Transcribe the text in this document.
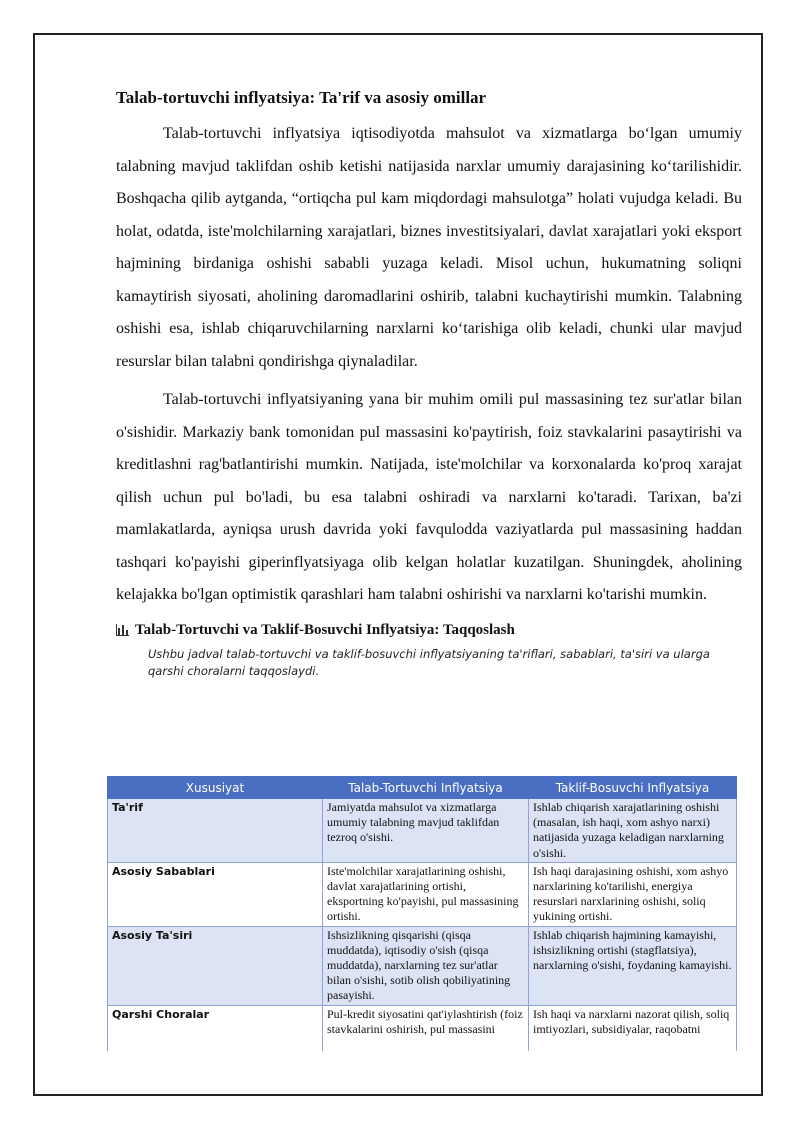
Talab-tortuvchi inflyatsiya: Ta'rif va asosiy omillar

Talab-tortuvchi inflyatsiya iqtisodiyotda mahsulot va xizmatlarga bo‘lgan umumiy talabning mavjud taklifdan oshib ketishi natijasida narxlar umumiy darajasining ko‘tarilishidir. Boshqacha qilib aytganda, “ortiqcha pul kam miqdordagi mahsulotga” holati vujudga keladi. Bu holat, odatda, iste'molchilarning xarajatlari, biznes investitsiyalari, davlat xarajatlari yoki eksport hajmining birdaniga oshishi sababli yuzaga keladi. Misol uchun, hukumatning soliqni kamaytirish siyosati, aholining daromadlarini oshirib, talabni kuchaytirishi mumkin. Talabning oshishi esa, ishlab chiqaruvchilarning narxlarni ko‘tarishiga olib keladi, chunki ular mavjud resurslar bilan talabni qondirishga qiynaladilar.

Talab-tortuvchi inflyatsiyaning yana bir muhim omili pul massasining tez sur'atlar bilan o'sishidir. Markaziy bank tomonidan pul massasini ko'paytirish, foiz stavkalarini pasaytirishi va kreditlashni rag'batlantirishi mumkin. Natijada, iste'molchilar va korxonalarda ko'proq xarajat qilish uchun pul bo'ladi, bu esa talabni oshiradi va narxlarni ko'taradi. Tarixan, ba'zi mamlakatlarda, ayniqsa urush davrida yoki favqulodda vaziyatlarda pul massasining haddan tashqari ko'payishi giperinflyatsiyaga olib kelgan holatlar kuzatilgan. Shuningdek, aholining kelajakka bo'lgan optimistik qarashlari ham talabni oshirishi va narxlarni ko'tarishi mumkin.

Talab-Tortuvchi va Taklif-Bosuvchi Inflyatsiya: Taqqoslash

Ushbu jadval talab-tortuvchi va taklif-bosuvchi inflyatsiyaning ta'riflari, sabablari, ta'siri va ularga qarshi choralarni taqqoslaydi.

Xususiyat	Talab-Tortuvchi Inflyatsiya	Taklif-Bosuvchi Inflyatsiya
Ta'rif	Jamiyatda mahsulot va xizmatlarga umumiy talabning mavjud taklifdan tezroq o'sishi.	Ishlab chiqarish xarajatlarining oshishi (masalan, ish haqi, xom ashyo narxi) natijasida yuzaga keladigan narxlarning o'sishi.
Asosiy Sabablari	Iste'molchilar xarajatlarining oshishi, davlat xarajatlarining ortishi, eksportning ko'payishi, pul massasining ortishi.	Ish haqi darajasining oshishi, xom ashyo narxlarining ko'tarilishi, energiya resurslari narxlarining oshishi, soliq yukining ortishi.
Asosiy Ta'siri	Ishsizlikning qisqarishi (qisqa muddatda), iqtisodiy o'sish (qisqa muddatda), narxlarning tez sur'atlar bilan o'sishi, sotib olish qobiliyatining pasayishi.	Ishlab chiqarish hajmining kamayishi, ishsizlikning ortishi (stagflatsiya), narxlarning o'sishi, foydaning kamayishi.
Qarshi Choralar	Pul-kredit siyosatini qat'iylashtirish (foiz stavkalarini oshirish, pul massasini	Ish haqi va narxlarni nazorat qilish, soliq imtiyozlari, subsidiyalar, raqobatni
